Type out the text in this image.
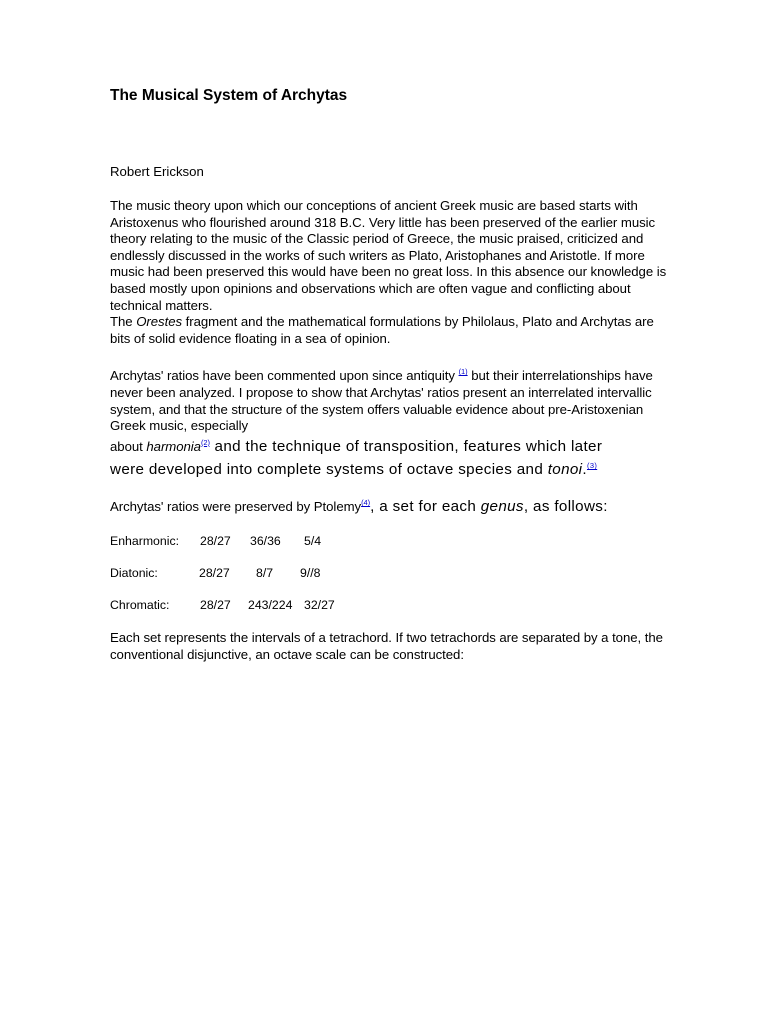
The Musical System of Archytas

Robert Erickson

The music theory upon which our conceptions of ancient Greek music are based starts with Aristoxenus who flourished around 318 B.C. Very little has been preserved of the earlier music theory relating to the music of the Classic period of Greece, the music praised, criticized and endlessly discussed in the works of such writers as Plato, Aristophanes and Aristotle. If more music had been preserved this would have been no great loss. In this absence our knowledge is based mostly upon opinions and observations which are often vague and conflicting about technical matters.

The Orestes fragment and the mathematical formulations by Philolaus, Plato and Archytas are bits of solid evidence floating in a sea of opinion.

Archytas' ratios have been commented upon since antiquity $^{(1)}$ but their interrelationships have never been analyzed. I propose to show that Archytas' ratios present an interrelated intervallic system, and that the structure of the system offers valuable evidence about pre-Aristoxenian Greek music, especially
about harmonia$^{(2)}$ and the technique of transposition, features which later
were developed into complete systems of octave species and tonoi.$^{(3)}$

Archytas' ratios were preserved by Ptolemy$^{(4)}$, a set for each genus, as follows:

Enharmonic: 28/27 36/36 5/4
Diatonic:	28/27 8/7 9//8
Chromatic: 28/27 243/224 32/27

Each set represents the intervals of a tetrachord. If two tetrachords are separated by a tone, the conventional disjunctive, an octave scale can be constructed:
